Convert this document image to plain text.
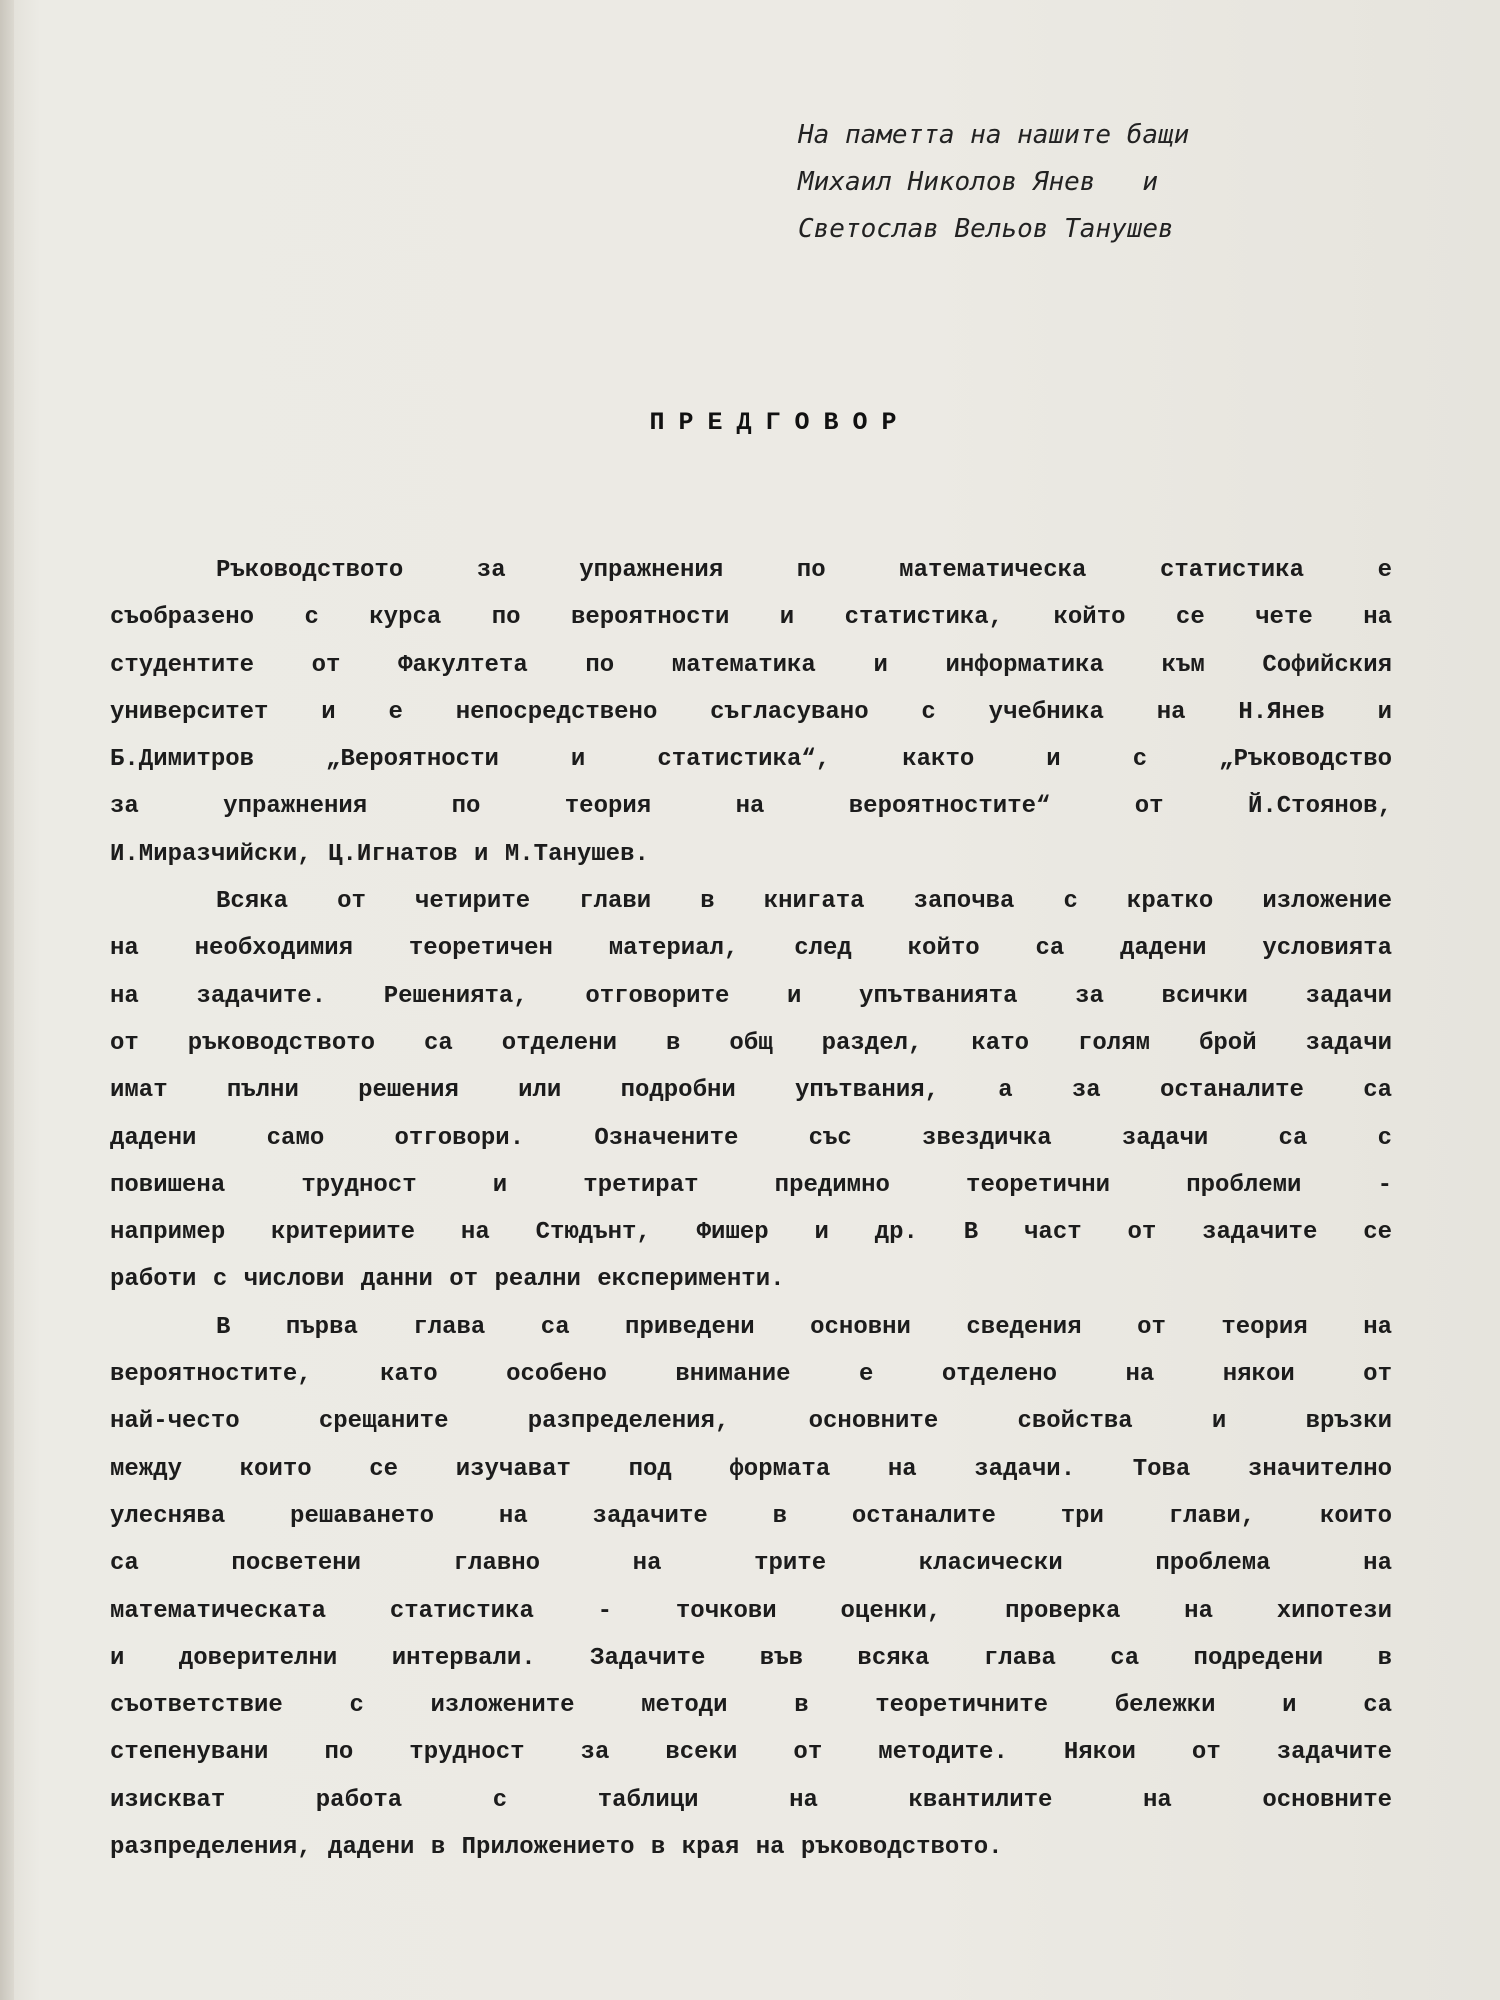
На паметта на нашите бащи
Михаил Николов Янев   и
Светослав Вельов Танушев
ПРЕДГОВОР
Ръководството за упражнения по математическа статистика е
съобразено с курса по вероятности и статистика, който се чете на
студентите от Факултета по математика и информатика към Софийския
университет и е непосредствено съгласувано с учебника на Н.Янев и
Б.Димитров „Вероятности и статистика“, както и с „Ръководство
за упражнения по теория на вероятностите“ от Й.Стоянов,
И.Миразчийски, Ц.Игнатов и М.Танушев.
Всяка от четирите глави в книгата започва с кратко изложение
на необходимия теоретичен материал, след който са дадени условията
на задачите. Решенията, отговорите и упътванията за всички задачи
от ръководството са отделени в общ раздел, като голям брой задачи
имат пълни решения или подробни упътвания, а за останалите са
дадени само отговори. Означените със звездичка задачи са с
повишена трудност и третират предимно теоретични проблеми -
например критериите на Стюдънт, Фишер и др. В част от задачите се
работи с числови данни от реални експерименти.
В първа глава са приведени основни сведения от теория на
вероятностите, като особено внимание е отделено на някои от
най-често срещаните разпределения, основните свойства и връзки
между които се изучават под формата на задачи. Това значително
улеснява решаването на задачите в останалите три глави, които
са посветени главно на трите класически проблема на
математическата статистика - точкови оценки, проверка на хипотези
и доверителни интервали. Задачите във всяка глава са подредени в
съответствие с изложените методи в теоретичните бележки и са
степенувани по трудност за всеки от методите. Някои от задачите
изискват работа с таблици на квантилите на основните
разпределения, дадени в Приложението в края на ръководството.
